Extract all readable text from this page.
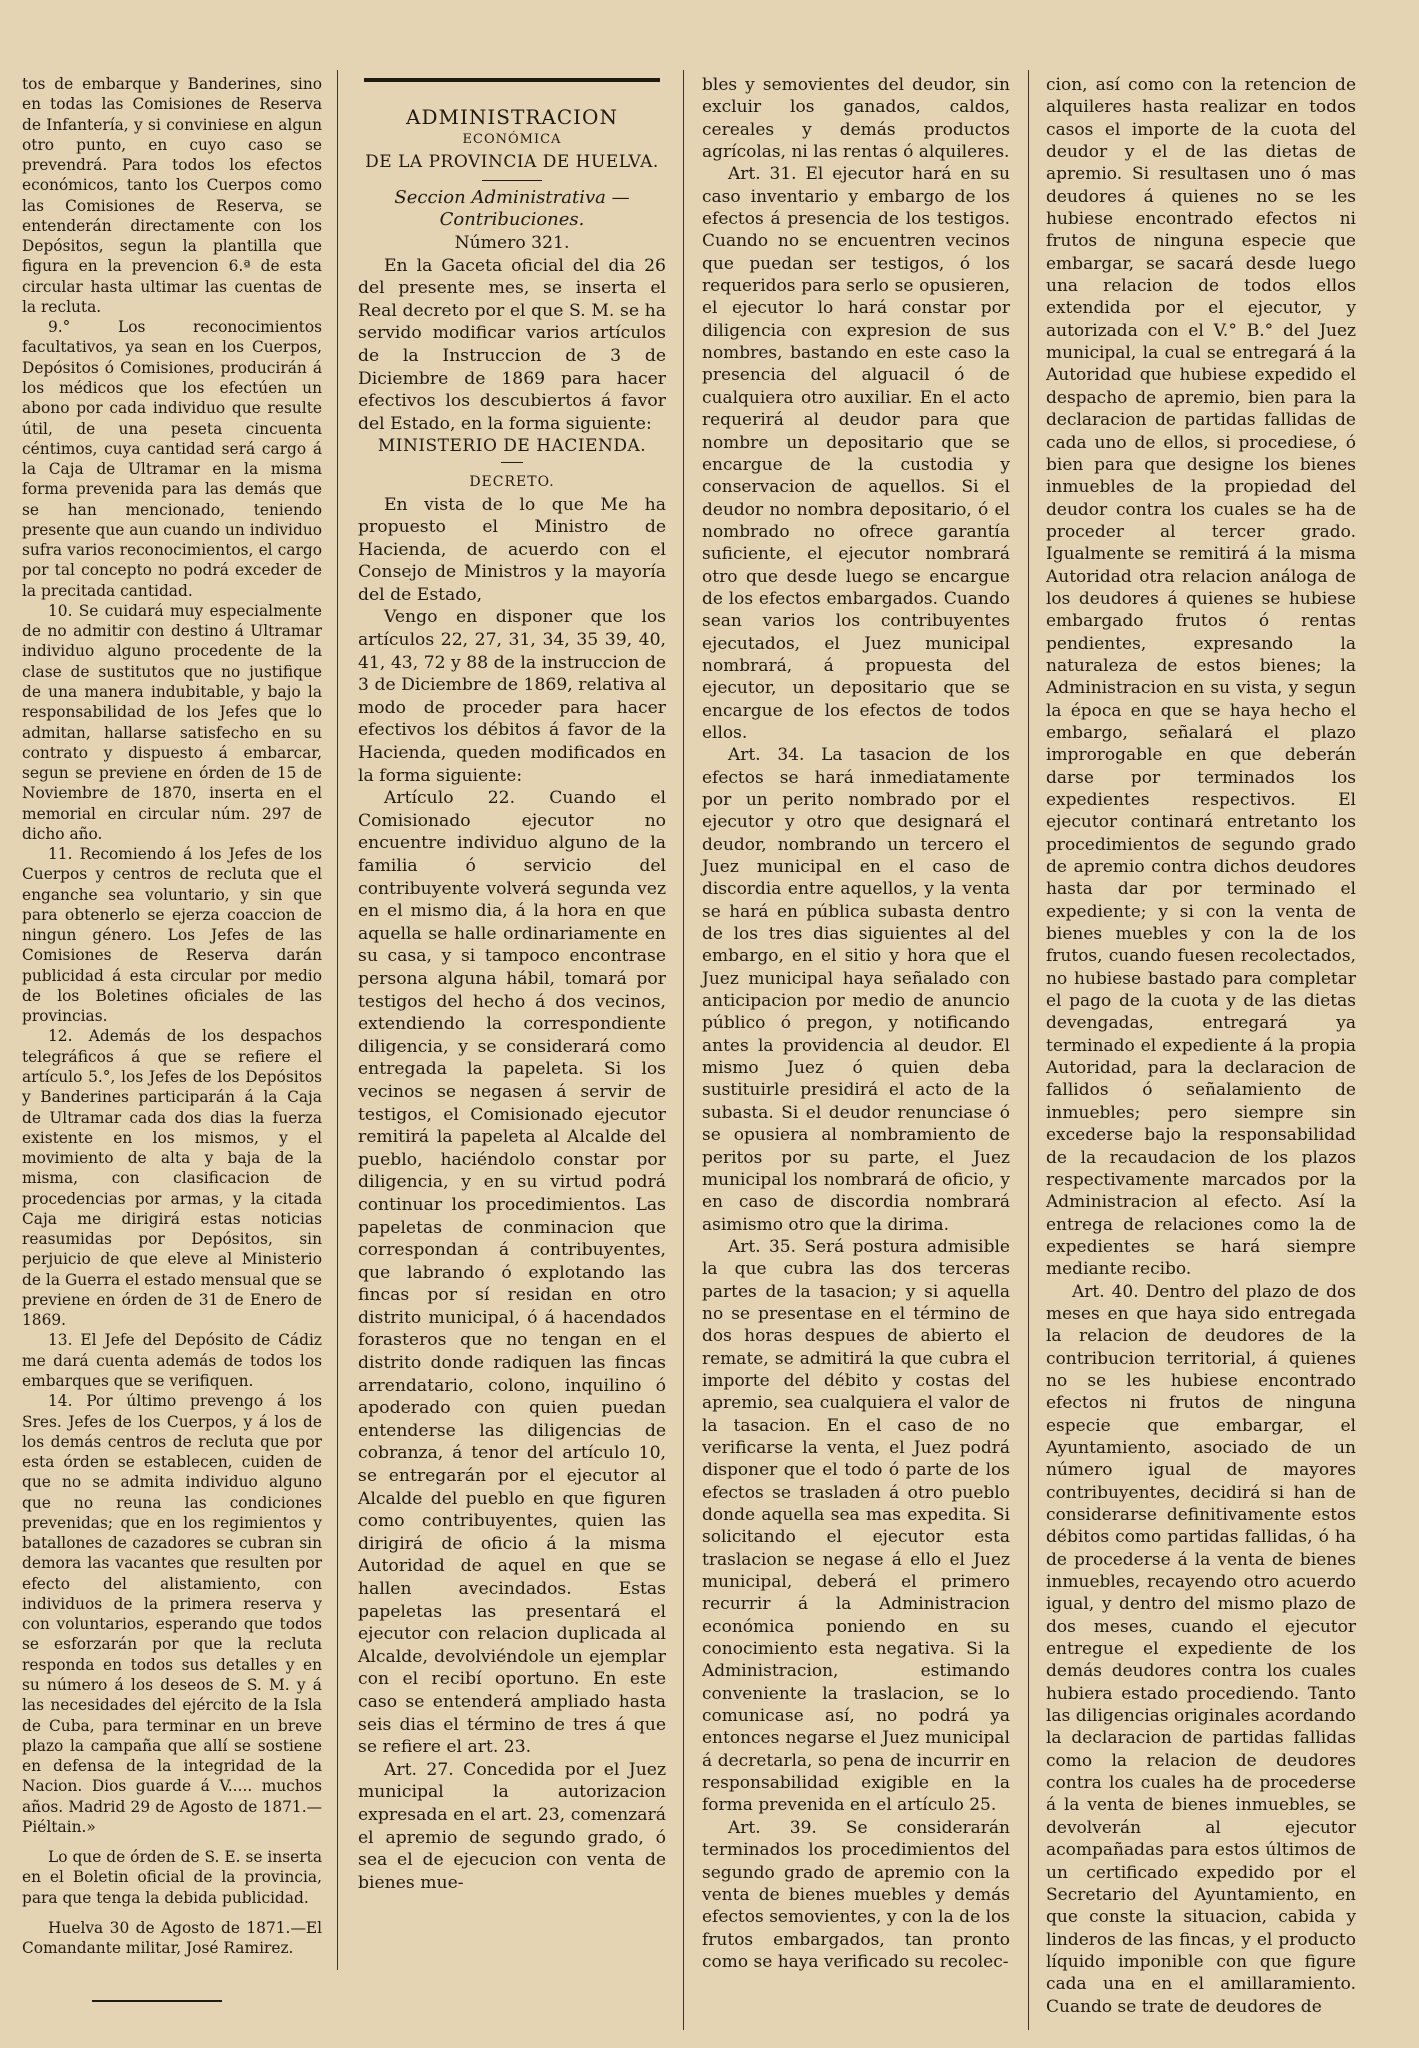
tos de embarque y Banderines, sino en todas las Comisiones de Reserva de Infantería, y si conviniese en algun otro punto, en cuyo caso se prevendrá. Para todos los efectos económicos, tanto los Cuerpos como las Comisiones de Reserva, se entenderán directamente con los Depósitos, segun la plantilla que figura en la prevencion 6.ª de esta circular hasta ultimar las cuentas de la recluta.

9.° Los reconocimientos facultativos, ya sean en los Cuerpos, Depósitos ó Comisiones, producirán á los médicos que los efectúen un abono por cada individuo que resulte útil, de una peseta cincuenta céntimos, cuya cantidad será cargo á la Caja de Ultramar en la misma forma prevenida para las demás que se han mencionado, teniendo presente que aun cuando un individuo sufra varios reconocimientos, el cargo por tal concepto no podrá exceder de la precitada cantidad.

10. Se cuidará muy especialmente de no admitir con destino á Ultramar individuo alguno procedente de la clase de sustitutos que no justifique de una manera indubitable, y bajo la responsabilidad de los Jefes que lo admitan, hallarse satisfecho en su contrato y dispuesto á embarcar, segun se previene en órden de 15 de Noviembre de 1870, inserta en el memorial en circular núm. 297 de dicho año.

11. Recomiendo á los Jefes de los Cuerpos y centros de recluta que el enganche sea voluntario, y sin que para obtenerlo se ejerza coaccion de ningun género. Los Jefes de las Comisiones de Reserva darán publicidad á esta circular por medio de los Boletines oficiales de las provincias.

12. Además de los despachos telegráficos á que se refiere el artículo 5.°, los Jefes de los Depósitos y Banderines participarán á la Caja de Ultramar cada dos dias la fuerza existente en los mismos, y el movimiento de alta y baja de la misma, con clasificacion de procedencias por armas, y la citada Caja me dirigirá estas noticias reasumidas por Depósitos, sin perjuicio de que eleve al Ministerio de la Guerra el estado mensual que se previene en órden de 31 de Enero de 1869.

13. El Jefe del Depósito de Cádiz me dará cuenta además de todos los embarques que se verifiquen.

14. Por último prevengo á los Sres. Jefes de los Cuerpos, y á los de los demás centros de recluta que por esta órden se establecen, cuiden de que no se admita individuo alguno que no reuna las condiciones prevenidas; que en los regimientos y batallones de cazadores se cubran sin demora las vacantes que resulten por efecto del alistamiento, con individuos de la primera reserva y con voluntarios, esperando que todos se esforzarán por que la recluta responda en todos sus detalles y en su número á los deseos de S. M. y á las necesidades del ejército de la Isla de Cuba, para terminar en un breve plazo la campaña que allí se sostiene en defensa de la integridad de la Nacion. Dios guarde á V..... muchos años. Madrid 29 de Agosto de 1871.—Piéltain.»

Lo que de órden de S. E. se inserta en el Boletin oficial de la provincia, para que tenga la debida publicidad.

Huelva 30 de Agosto de 1871.—El Comandante militar, José Ramirez.

ADMINISTRACION

ECONÓMICA

DE LA PROVINCIA DE HUELVA.

Seccion Administrativa —Contribuciones.

Número 321.

En la Gaceta oficial del dia 26 del presente mes, se inserta el Real decreto por el que S. M. se ha servido modificar varios artículos de la Instruccion de 3 de Diciembre de 1869 para hacer efectivos los descubiertos á favor del Estado, en la forma siguiente:

MINISTERIO DE HACIENDA.

DECRETO.

En vista de lo que Me ha propuesto el Ministro de Hacienda, de acuerdo con el Consejo de Ministros y la mayoría del de Estado,

Vengo en disponer que los artículos 22, 27, 31, 34, 35 39, 40, 41, 43, 72 y 88 de la instruccion de 3 de Diciembre de 1869, relativa al modo de proceder para hacer efectivos los débitos á favor de la Hacienda, queden modificados en la forma siguiente:

Artículo 22. Cuando el Comisionado ejecutor no encuentre individuo alguno de la familia ó servicio del contribuyente volverá segunda vez en el mismo dia, á la hora en que aquella se halle ordinariamente en su casa, y si tampoco encontrase persona alguna hábil, tomará por testigos del hecho á dos vecinos, extendiendo la correspondiente diligencia, y se considerará como entregada la papeleta. Si los vecinos se negasen á servir de testigos, el Comisionado ejecutor remitirá la papeleta al Alcalde del pueblo, haciéndolo constar por diligencia, y en su virtud podrá continuar los procedimientos. Las papeletas de conminacion que correspondan á contribuyentes, que labrando ó explotando las fincas por sí residan en otro distrito municipal, ó á hacendados forasteros que no tengan en el distrito donde radiquen las fincas arrendatario, colono, inquilino ó apoderado con quien puedan entenderse las diligencias de cobranza, á tenor del artículo 10, se entregarán por el ejecutor al Alcalde del pueblo en que figuren como contribuyentes, quien las dirigirá de oficio á la misma Autoridad de aquel en que se hallen avecindados. Estas papeletas las presentará el ejecutor con relacion duplicada al Alcalde, devolviéndole un ejemplar con el recibí oportuno. En este caso se entenderá ampliado hasta seis dias el término de tres á que se refiere el art. 23.

Art. 27. Concedida por el Juez municipal la autorizacion expresada en el art. 23, comenzará el apremio de segundo grado, ó sea el de ejecucion con venta de bienes mue-

bles y semovientes del deudor, sin excluir los ganados, caldos, cereales y demás productos agrícolas, ni las rentas ó alquileres.

Art. 31. El ejecutor hará en su caso inventario y embargo de los efectos á presencia de los testigos. Cuando no se encuentren vecinos que puedan ser testigos, ó los requeridos para serlo se opusieren, el ejecutor lo hará constar por diligencia con expresion de sus nombres, bastando en este caso la presencia del alguacil ó de cualquiera otro auxiliar. En el acto requerirá al deudor para que nombre un depositario que se encargue de la custodia y conservacion de aquellos. Si el deudor no nombra depositario, ó el nombrado no ofrece garantía suficiente, el ejecutor nombrará otro que desde luego se encargue de los efectos embargados. Cuando sean varios los contribuyentes ejecutados, el Juez municipal nombrará, á propuesta del ejecutor, un depositario que se encargue de los efectos de todos ellos.

Art. 34. La tasacion de los efectos se hará inmediatamente por un perito nombrado por el ejecutor y otro que designará el deudor, nombrando un tercero el Juez municipal en el caso de discordia entre aquellos, y la venta se hará en pública subasta dentro de los tres dias siguientes al del embargo, en el sitio y hora que el Juez municipal haya señalado con anticipacion por medio de anuncio público ó pregon, y notificando antes la providencia al deudor. El mismo Juez ó quien deba sustituirle presidirá el acto de la subasta. Si el deudor renunciase ó se opusiera al nombramiento de peritos por su parte, el Juez municipal los nombrará de oficio, y en caso de discordia nombrará asimismo otro que la dirima.

Art. 35. Será postura admisible la que cubra las dos terceras partes de la tasacion; y si aquella no se presentase en el término de dos horas despues de abierto el remate, se admitirá la que cubra el importe del débito y costas del apremio, sea cualquiera el valor de la tasacion. En el caso de no verificarse la venta, el Juez podrá disponer que el todo ó parte de los efectos se trasladen á otro pueblo donde aquella sea mas expedita. Si solicitando el ejecutor esta traslacion se negase á ello el Juez municipal, deberá el primero recurrir á la Administracion económica poniendo en su conocimiento esta negativa. Si la Administracion, estimando conveniente la traslacion, se lo comunicase así, no podrá ya entonces negarse el Juez municipal á decretarla, so pena de incurrir en responsabilidad exigible en la forma prevenida en el artículo 25.

Art. 39. Se considerarán terminados los procedimientos del segundo grado de apremio con la venta de bienes muebles y demás efectos semovientes, y con la de los frutos embargados, tan pronto como se haya verificado su recolec-

cion, así como con la retencion de alquileres hasta realizar en todos casos el importe de la cuota del deudor y el de las dietas de apremio. Si resultasen uno ó mas deudores á quienes no se les hubiese encontrado efectos ni frutos de ninguna especie que embargar, se sacará desde luego una relacion de todos ellos extendida por el ejecutor, y autorizada con el V.° B.° del Juez municipal, la cual se entregará á la Autoridad que hubiese expedido el despacho de apremio, bien para la declaracion de partidas fallidas de cada uno de ellos, si procediese, ó bien para que designe los bienes inmuebles de la propiedad del deudor contra los cuales se ha de proceder al tercer grado. Igualmente se remitirá á la misma Autoridad otra relacion análoga de los deudores á quienes se hubiese embargado frutos ó rentas pendientes, expresando la naturaleza de estos bienes; la Administracion en su vista, y segun la época en que se haya hecho el embargo, señalará el plazo improrogable en que deberán darse por terminados los expedientes respectivos. El ejecutor continará entretanto los procedimientos de segundo grado de apremio contra dichos deudores hasta dar por terminado el expediente; y si con la venta de bienes muebles y con la de los frutos, cuando fuesen recolectados, no hubiese bastado para completar el pago de la cuota y de las dietas devengadas, entregará ya terminado el expediente á la propia Autoridad, para la declaracion de fallidos ó señalamiento de inmuebles; pero siempre sin excederse bajo la responsabilidad de la recaudacion de los plazos respectivamente marcados por la Administracion al efecto. Así la entrega de relaciones como la de expedientes se hará siempre mediante recibo.

Art. 40. Dentro del plazo de dos meses en que haya sido entregada la relacion de deudores de la contribucion territorial, á quienes no se les hubiese encontrado efectos ni frutos de ninguna especie que embargar, el Ayuntamiento, asociado de un número igual de mayores contribuyentes, decidirá si han de considerarse definitivamente estos débitos como partidas fallidas, ó ha de procederse á la venta de bienes inmuebles, recayendo otro acuerdo igual, y dentro del mismo plazo de dos meses, cuando el ejecutor entregue el expediente de los demás deudores contra los cuales hubiera estado procediendo. Tanto las diligencias originales acordando la declaracion de partidas fallidas como la relacion de deudores contra los cuales ha de procederse á la venta de bienes inmuebles, se devolverán al ejecutor acompañadas para estos últimos de un certificado expedido por el Secretario del Ayuntamiento, en que conste la situacion, cabida y linderos de las fincas, y el producto líquido imponible con que figure cada una en el amillaramiento. Cuando se trate de deudores de
